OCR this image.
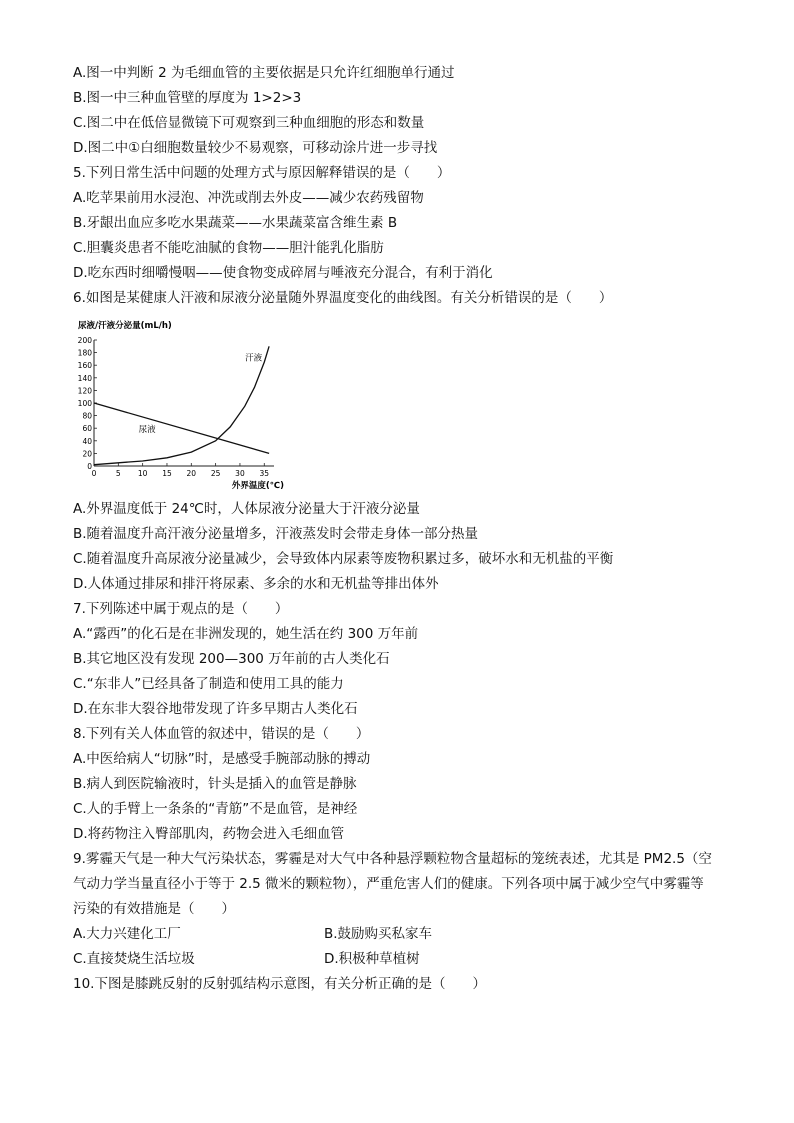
A.图一中判断 2 为毛细血管的主要依据是只允许红细胞单行通过
B.图一中三种血管壁的厚度为 1>2>3
C.图二中在低倍显微镜下可观察到三种血细胞的形态和数量
D.图二中①白细胞数量较少不易观察，可移动涂片进一步寻找
5.下列日常生活中问题的处理方式与原因解释错误的是（　　）
A.吃苹果前用水浸泡、冲洗或削去外皮——减少农药残留物
B.牙龈出血应多吃水果蔬菜——水果蔬菜富含维生素 B
C.胆囊炎患者不能吃油腻的食物——胆汁能乳化脂肪
D.吃东西时细嚼慢咽——使食物变成碎屑与唾液充分混合，有利于消化
6.如图是某健康人汗液和尿液分泌量随外界温度变化的曲线图。有关分析错误的是（　　）
尿液/汗液分泌量(mL/h)
0
20
40
60
80
100
120
140
160
180
200
0	5 10 15 20 25 30 35
汗液
尿液
外界温度(℃)
A.外界温度低于 24℃时，人体尿液分泌量大于汗液分泌量
B.随着温度升高汗液分泌量增多，汗液蒸发时会带走身体一部分热量
C.随着温度升高尿液分泌量减少，会导致体内尿素等废物积累过多，破坏水和无机盐的平衡
D.人体通过排尿和排汗将尿素、多余的水和无机盐等排出体外
7.下列陈述中属于观点的是（　　）
A.“露西”的化石是在非洲发现的，她生活在约 300 万年前
B.其它地区没有发现 200—300 万年前的古人类化石
C.“东非人”已经具备了制造和使用工具的能力
D.在东非大裂谷地带发现了许多早期古人类化石
8.下列有关人体血管的叙述中，错误的是（　　）
A.中医给病人“切脉”时，是感受手腕部动脉的搏动
B.病人到医院输液时，针头是插入的血管是静脉
C.人的手臂上一条条的“青筋”不是血管，是神经
D.将药物注入臀部肌肉，药物会进入毛细血管
9.雾霾天气是一种大气污染状态，雾霾是对大气中各种悬浮颗粒物含量超标的笼统表述，尤其是 PM2.5（空
气动力学当量直径小于等于 2.5 微米的颗粒物），严重危害人们的健康。下列各项中属于减少空气中雾霾等
污染的有效措施是（　　）
A.大力兴建化工厂	B.鼓励购买私家车
C.直接焚烧生活垃圾	D.积极种草植树
10.下图是膝跳反射的反射弧结构示意图，有关分析正确的是（　　）
